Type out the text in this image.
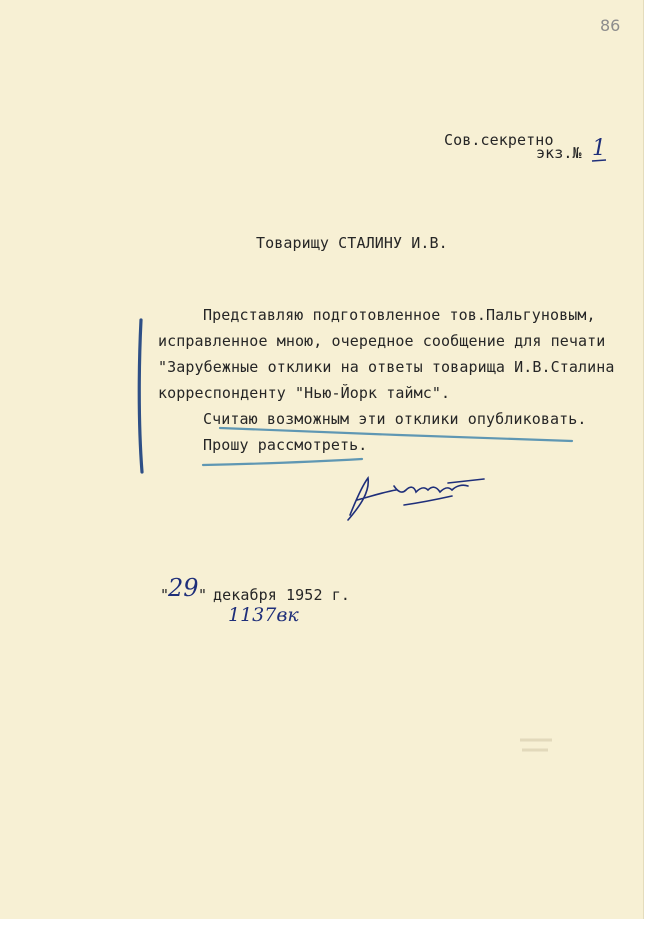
86
Сов.секретно
экз.№ 1
Товарищу СТАЛИНУ И.В.
Представляю подготовленное тов.Пальгуновым,
исправленное мною, очередное сообщение для печати
"Зарубежные отклики на ответы товарища И.В.Сталина
корреспонденту "Нью-Йорк таймс".
Считаю возможным эти отклики опубликовать.
Прошу рассмотреть.
"
29 " декабря 1952 г.
1137вк
